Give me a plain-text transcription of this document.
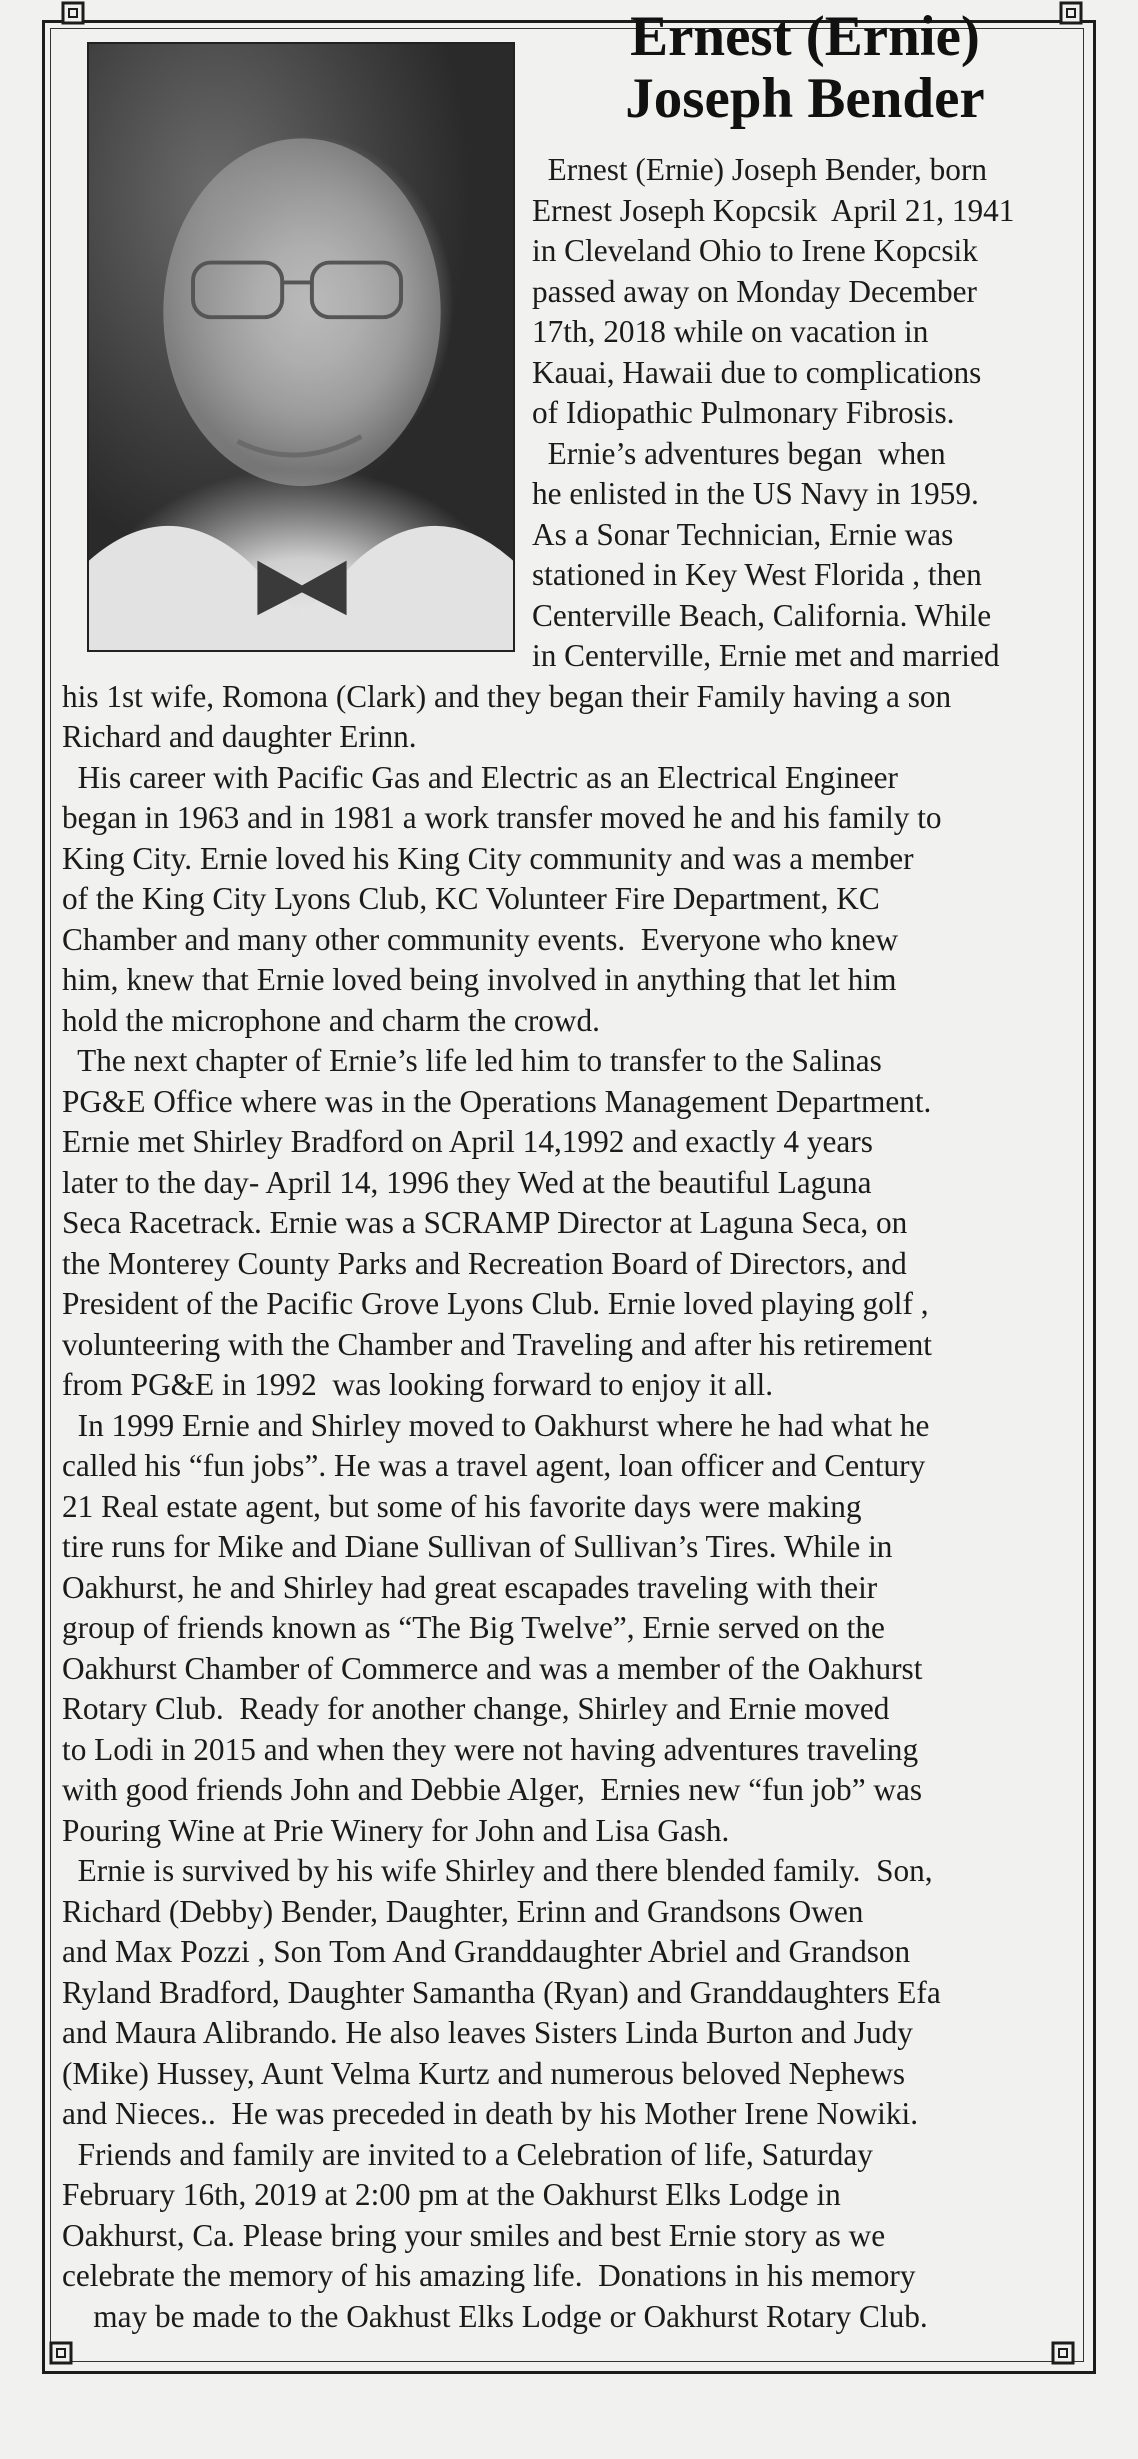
Ernest (Ernie)
Joseph Bender
Ernest (Ernie) Joseph Bender, born
Ernest Joseph Kopcsik  April 21, 1941
in Cleveland Ohio to Irene Kopcsik
passed away on Monday December
17th, 2018 while on vacation in
Kauai, Hawaii due to complications
of Idiopathic Pulmonary Fibrosis.
Ernie’s adventures began  when
he enlisted in the US Navy in 1959.
As a Sonar Technician, Ernie was
stationed in Key West Florida , then
Centerville Beach, California. While
in Centerville, Ernie met and married
his 1st wife, Romona (Clark) and they began their Family having a son
Richard and daughter Erinn.
His career with Pacific Gas and Electric as an Electrical Engineer
began in 1963 and in 1981 a work transfer moved he and his family to
King City. Ernie loved his King City community and was a member
of the King City Lyons Club, KC Volunteer Fire Department, KC
Chamber and many other community events.  Everyone who knew
him, knew that Ernie loved being involved in anything that let him
hold the microphone and charm the crowd.
The next chapter of Ernie’s life led him to transfer to the Salinas
PG&E Office where was in the Operations Management Department.
Ernie met Shirley Bradford on April 14,1992 and exactly 4 years
later to the day- April 14, 1996 they Wed at the beautiful Laguna
Seca Racetrack. Ernie was a SCRAMP Director at Laguna Seca, on
the Monterey County Parks and Recreation Board of Directors, and
President of the Pacific Grove Lyons Club. Ernie loved playing golf ,
volunteering with the Chamber and Traveling and after his retirement
from PG&E in 1992  was looking forward to enjoy it all.
In 1999 Ernie and Shirley moved to Oakhurst where he had what he
called his “fun jobs”. He was a travel agent, loan officer and Century
21 Real estate agent, but some of his favorite days were making
tire runs for Mike and Diane Sullivan of Sullivan’s Tires. While in
Oakhurst, he and Shirley had great escapades traveling with their
group of friends known as “The Big Twelve”, Ernie served on the
Oakhurst Chamber of Commerce and was a member of the Oakhurst
Rotary Club.  Ready for another change, Shirley and Ernie moved
to Lodi in 2015 and when they were not having adventures traveling
with good friends John and Debbie Alger,  Ernies new “fun job” was
Pouring Wine at Prie Winery for John and Lisa Gash.
Ernie is survived by his wife Shirley and there blended family.  Son,
Richard (Debby) Bender, Daughter, Erinn and Grandsons Owen
and Max Pozzi , Son Tom And Granddaughter Abriel and Grandson
Ryland Bradford, Daughter Samantha (Ryan) and Granddaughters Efa
and Maura Alibrando. He also leaves Sisters Linda Burton and Judy
(Mike) Hussey, Aunt Velma Kurtz and numerous beloved Nephews
and Nieces..  He was preceded in death by his Mother Irene Nowiki.
Friends and family are invited to a Celebration of life, Saturday
February 16th, 2019 at 2:00 pm at the Oakhurst Elks Lodge in
Oakhurst, Ca. Please bring your smiles and best Ernie story as we
celebrate the memory of his amazing life.  Donations in his memory
may be made to the Oakhust Elks Lodge or Oakhurst Rotary Club.
